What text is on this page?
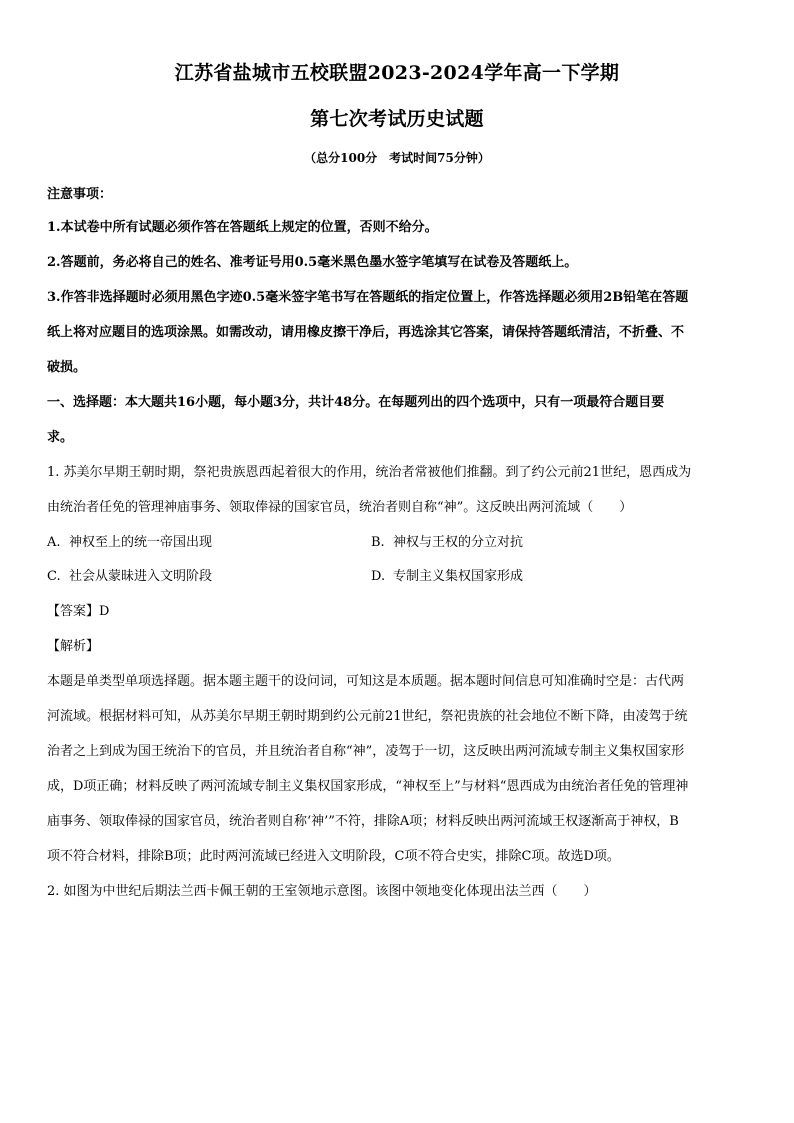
江苏省盐城市五校联盟2023-2024学年高一下学期
第七次考试历史试题
（总分100分　考试时间75分钟）
注意事项：
1.本试卷中所有试题必须作答在答题纸上规定的位置，否则不给分。
2.答题前，务必将自己的姓名、准考证号用0.5毫米黑色墨水签字笔填写在试卷及答题纸上。
3.作答非选择题时必须用黑色字迹0.5毫米签字笔书写在答题纸的指定位置上，作答选择题必须用2B铅笔在答题
纸上将对应题目的选项涂黑。如需改动，请用橡皮擦干净后，再选涂其它答案，请保持答题纸清洁，不折叠、不
破损。
一、选择题：本大题共16小题，每小题3分，共计48分。在每题列出的四个选项中，只有一项最符合题目要
求。
1. 苏美尔早期王朝时期，祭祀贵族恩西起着很大的作用，统治者常被他们推翻。到了约公元前21世纪，恩西成为
由统治者任免的管理神庙事务、领取俸禄的国家官员，统治者则自称“神”。这反映出两河流域（　　）
A. 神权至上的统一帝国出现	B. 神权与王权的分立对抗
C. 社会从蒙昧进入文明阶段	D. 专制主义集权国家形成
【答案】D
【解析】
本题是单类型单项选择题。据本题主题干的设问词，可知这是本质题。据本题时间信息可知准确时空是：古代两
河流域。根据材料可知，从苏美尔早期王朝时期到约公元前21世纪，祭祀贵族的社会地位不断下降，由凌驾于统
治者之上到成为国王统治下的官员，并且统治者自称“神”，凌驾于一切，这反映出两河流域专制主义集权国家形
成，D项正确；材料反映了两河流域专制主义集权国家形成，“神权至上”与材料“恩西成为由统治者任免的管理神
庙事务、领取俸禄的国家官员，统治者则自称‘神’”不符，排除A项；材料反映出两河流域王权逐渐高于神权，B
项不符合材料，排除B项；此时两河流域已经进入文明阶段，C项不符合史实，排除C项。故选D项。
2. 如图为中世纪后期法兰西卡佩王朝的王室领地示意图。该图中领地变化体现出法兰西（　　）
